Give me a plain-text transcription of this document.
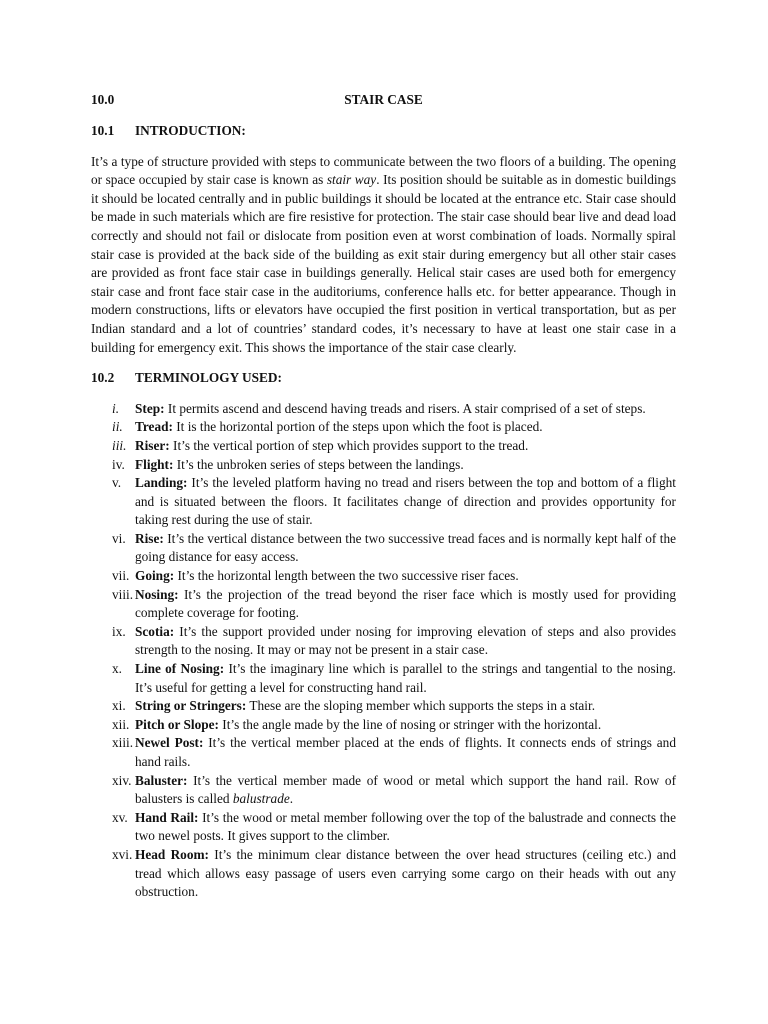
10.0	STAIR CASE
10.1	INTRODUCTION:

It’s a type of structure provided with steps to communicate between the two floors of a building. The opening or space occupied by stair case is known as stair way. Its position should be suitable as in domestic buildings it should be located centrally and in public buildings it should be located at the entrance etc. Stair case should be made in such materials which are fire resistive for protection. The stair case should bear live and dead load correctly and should not fail or dislocate from position even at worst combination of loads. Normally spiral stair case is provided at the back side of the building as exit stair during emergency but all other stair cases are provided as front face stair case in buildings generally. Helical stair cases are used both for emergency stair case and front face stair case in the auditoriums, conference halls etc. for better appearance. Though in modern constructions, lifts or elevators have occupied the first position in vertical transportation, but as per Indian standard and a lot of countries’ standard codes, it’s necessary to have at least one stair case in a building for emergency exit. This shows the importance of the stair case clearly.

10.2	TERMINOLOGY USED:
i.	Step: It permits ascend and descend having treads and risers. A stair comprised of a set of steps.
ii. Tread: It is the horizontal portion of the steps upon which the foot is placed.
iii. Riser: It’s the vertical portion of step which provides support to the tread.
iv. Flight: It’s the unbroken series of steps between the landings.
v.	Landing: It’s the leveled platform having no tread and risers between the top and bottom of a flight and is situated between the floors. It facilitates change of direction and provides opportunity for taking rest during the use of stair.
vi. Rise: It’s the vertical distance between the two successive tread faces and is normally kept half of the going distance for easy access.
vii. Going: It’s the horizontal length between the two successive riser faces.
viii. Nosing: It’s the projection of the tread beyond the riser face which is mostly used for providing complete coverage for footing.
ix. Scotia: It’s the support provided under nosing for improving elevation of steps and also provides strength to the nosing. It may or may not be present in a stair case.
x. Line of Nosing: It’s the imaginary line which is parallel to the strings and tangential to the nosing. It’s useful for getting a level for constructing hand rail.
xi. String or Stringers: These are the sloping member which supports the steps in a stair.
xii. Pitch or Slope: It’s the angle made by the line of nosing or stringer with the horizontal.
xiii. Newel Post: It’s the vertical member placed at the ends of flights. It connects ends of strings and hand rails.
xiv. Baluster: It’s the vertical member made of wood or metal which support the hand rail. Row of balusters is called balustrade.
xv. Hand Rail: It’s the wood or metal member following over the top of the balustrade and connects the two newel posts. It gives support to the climber.
xvi. Head Room: It’s the minimum clear distance between the over head structures (ceiling etc.) and tread which allows easy passage of users even carrying some cargo on their heads with out any obstruction.
